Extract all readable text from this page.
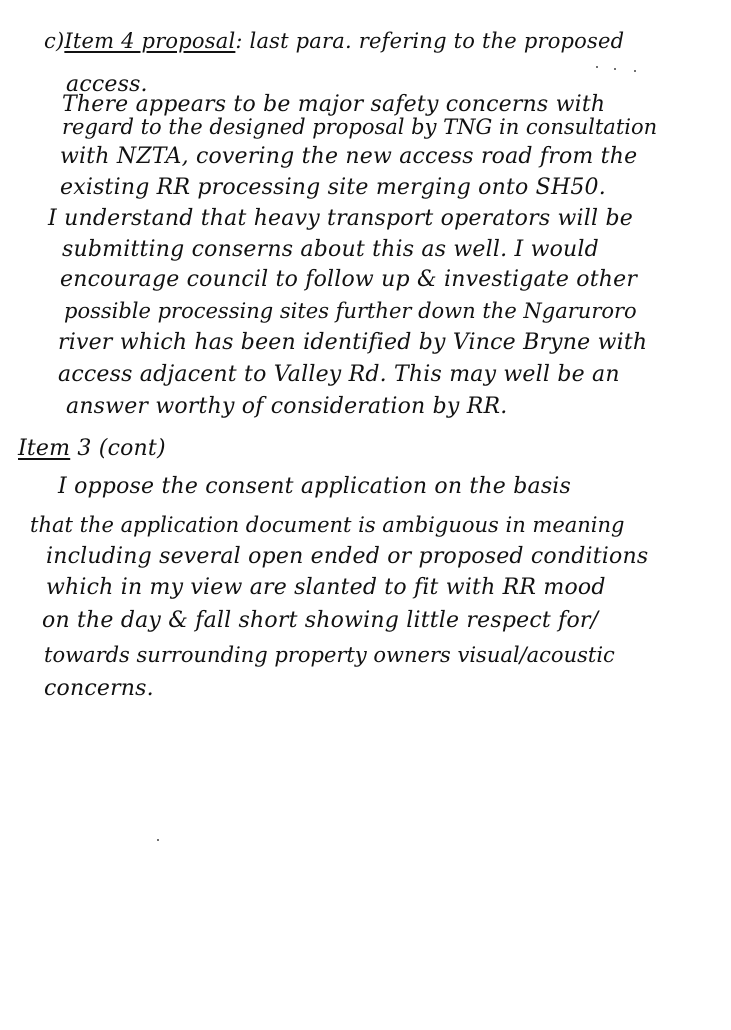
c)Item 4 proposal: last para. refering to the proposed
access.
There appears to be major safety concerns with
regard to the designed proposal by TNG in consultation
with NZTA, covering the new access road from the
existing RR processing site merging onto SH50.
I understand that heavy transport operators will be
submitting conserns about this as well. I would
encourage council to follow up & investigate other
possible processing sites further down the Ngaruroro
river which has been identified by Vince Bryne with
access adjacent to Valley Rd. This may well be an
answer worthy of consideration by RR.
Item 3 (cont)
I oppose the consent application on the basis
that the application document is ambiguous in meaning
including several open ended or proposed conditions
which in my view are slanted to fit with RR mood
on the day & fall short showing little respect for/
towards surrounding property owners visual/acoustic
concerns.
